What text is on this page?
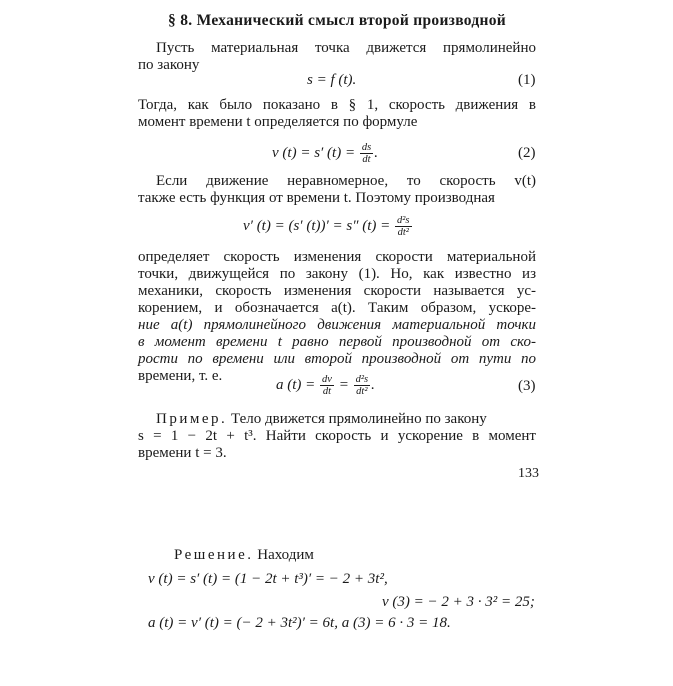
§ 8. Механический смысл второй производной
Пусть материальная точка движется прямолинейно
по закону
s = f (t).	(1)
Тогда, как было показано в § 1, скорость движения в
момент времени t определяется по формуле
v (t) = s′ $(t) = \frac{ds}{dt}$ .	(2)
Если движение неравномерное, то скорость v(t)
также есть функция от времени t. Поэтому производная
v′ (t) = (s′ (t))′ = s″ $(t) = \frac{\text{d²s}}{\text{dt²}}$
определяет скорость изменения скорости материальной
точки, движущейся по закону (1). Но, как известно из
механики, скорость изменения скорости называется ус-
корением, и обозначается a(t). Таким образом, ускоре-
ние a(t) прямолинейного движения материальной точки
в момент времени t равно первой производной от ско-
рости по времени или второй производной от пути по
времени, т. е.
a $(t) = \frac{dv}{dt} = \frac{\text{d²s}}{\text{dt²}}$ .	(3)
Пример. Тело движется прямолинейно по закону
s = 1 − 2t + t³. Найти скорость и ускорение в момент
времени t = 3.
133
Решение. Находим
v (t) = s′ (t) = (1 − 2t + t³)′ = − 2 + 3t²,
v (3) = − 2 + 3 · 3² = 25;
a (t) = v′ (t) = (− 2 + 3t²)′ = 6t, a (3) = 6 · 3 = 18.
